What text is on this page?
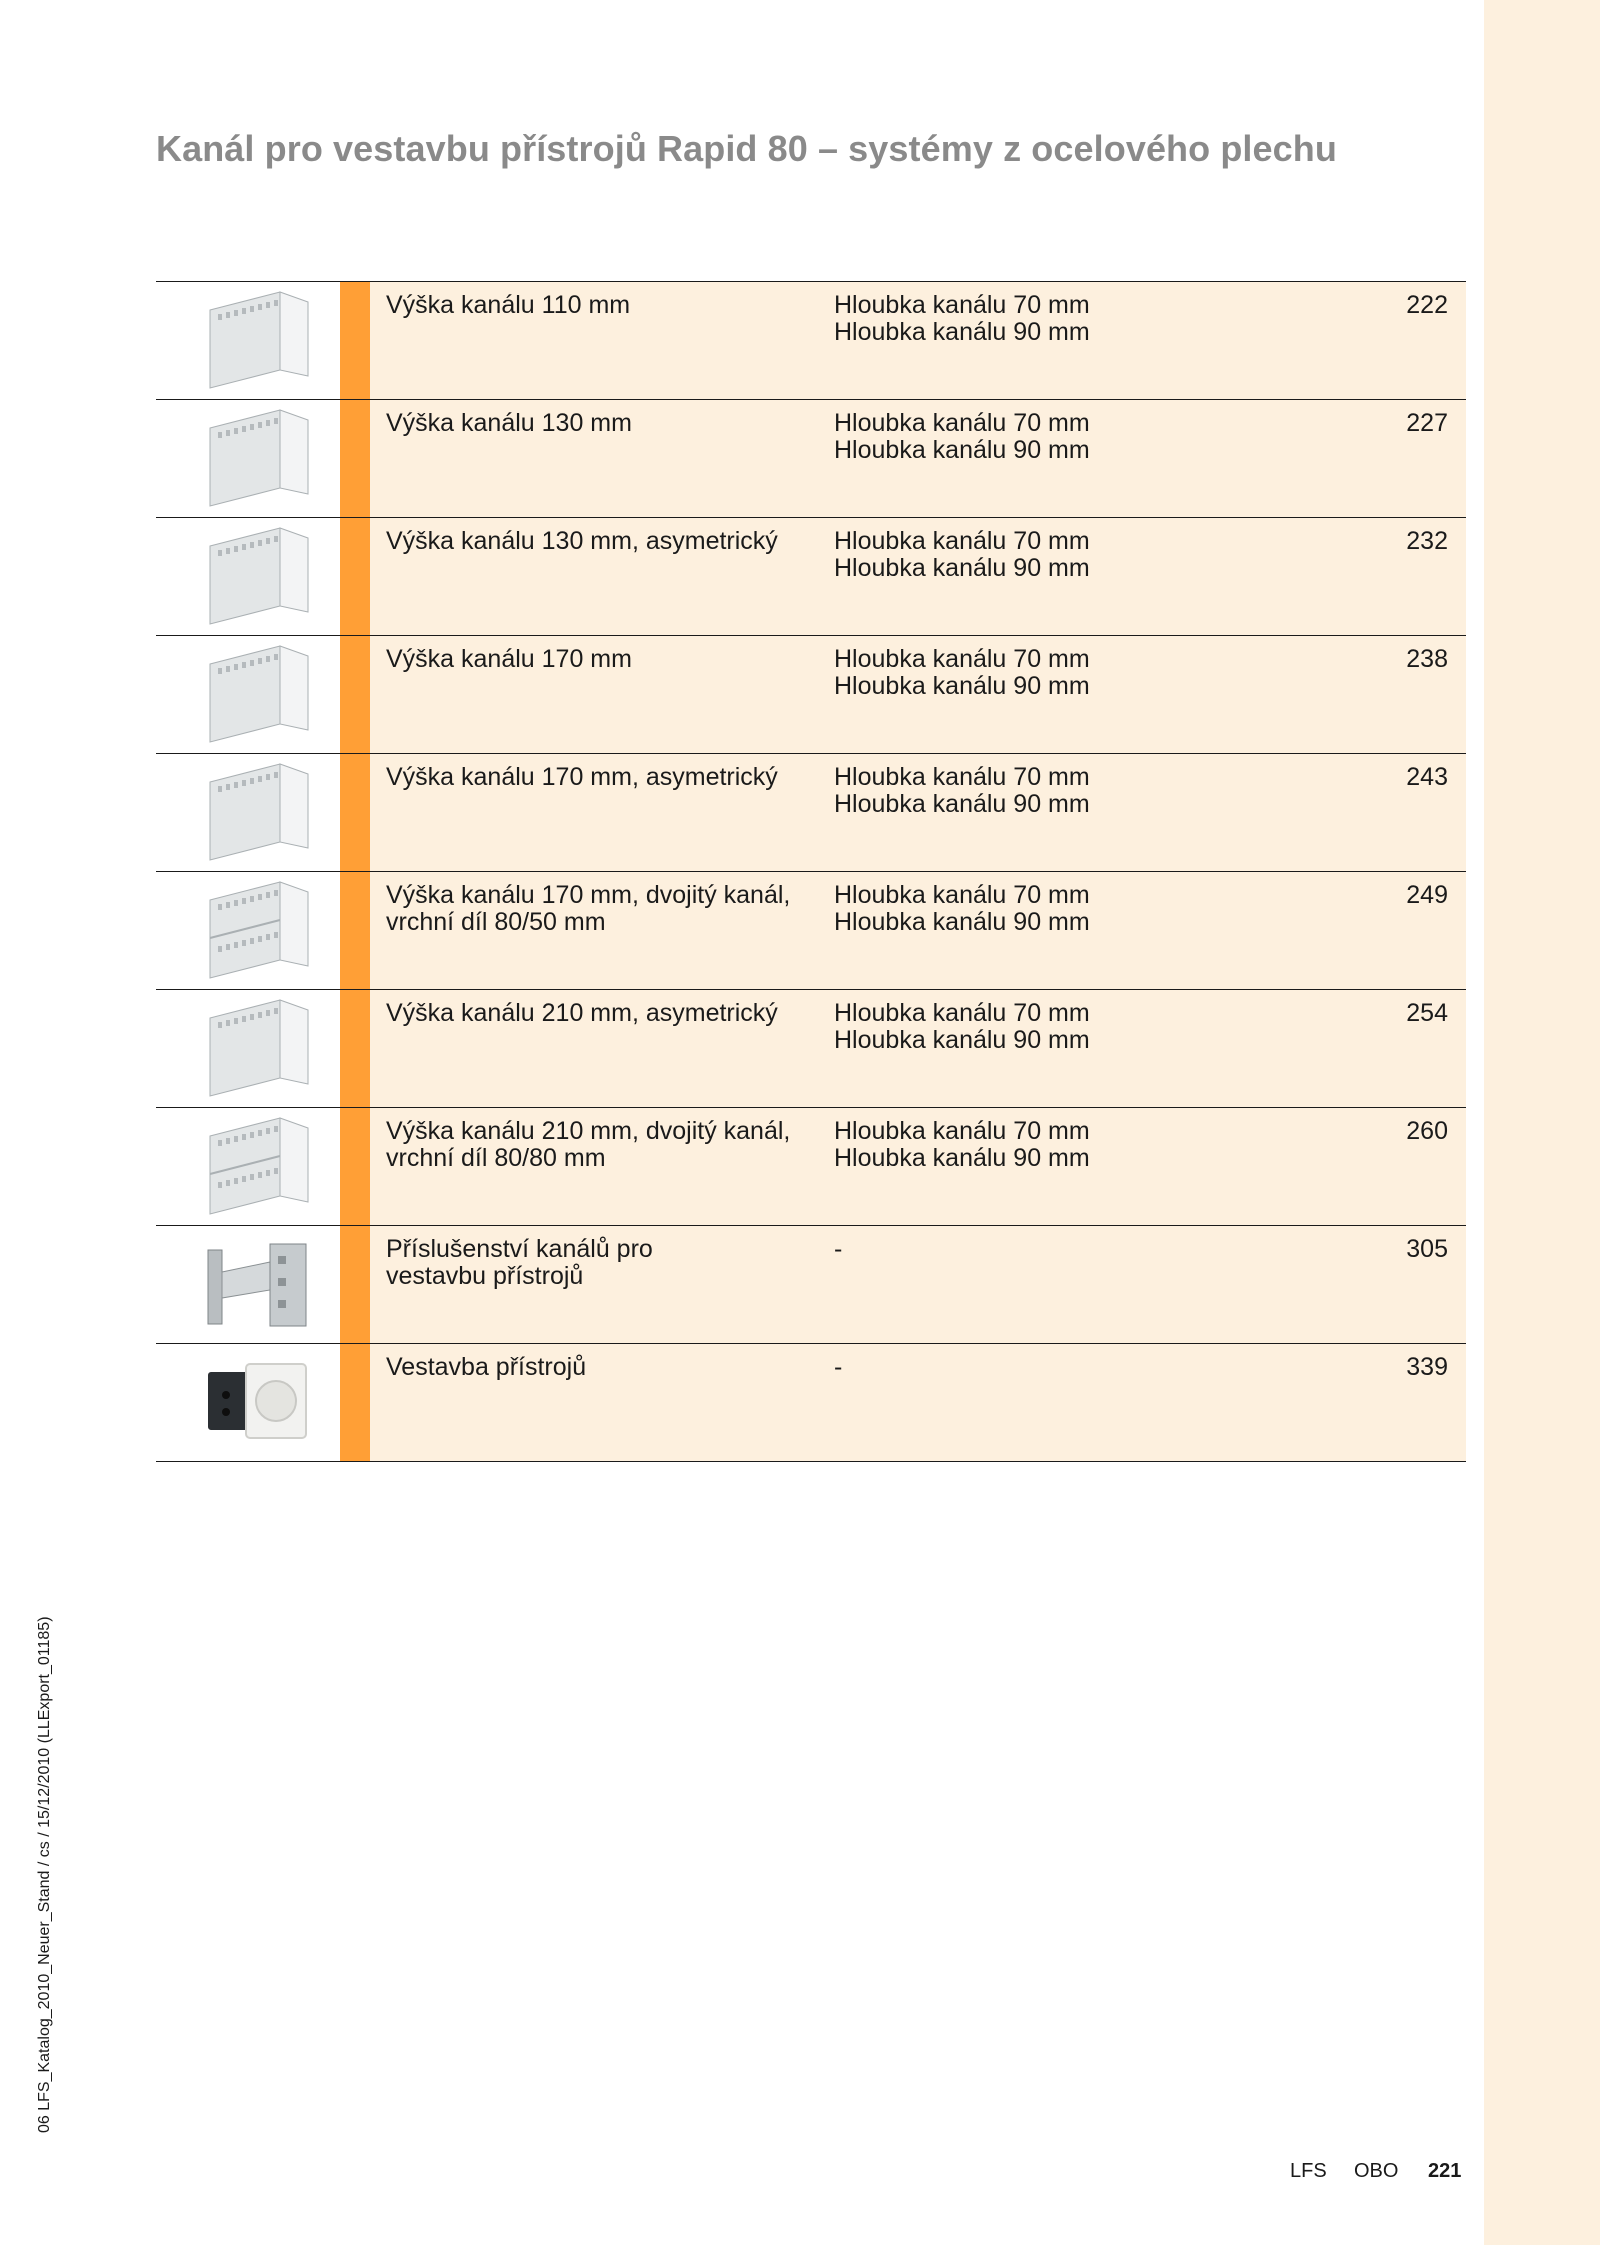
Kanál pro vestavbu přístrojů Rapid 80 – systémy z ocelového plechu
Výška kanálu 110 mm	Hloubka kanálu 70 mm
Hloubka kanálu 90 mm
222
Výška kanálu 130 mm	Hloubka kanálu 70 mm
Hloubka kanálu 90 mm
227
Výška kanálu 130 mm, asymetrický	Hloubka kanálu 70 mm
Hloubka kanálu 90 mm
232
Výška kanálu 170 mm	Hloubka kanálu 70 mm
Hloubka kanálu 90 mm
238
Výška kanálu 170 mm, asymetrický	Hloubka kanálu 70 mm
Hloubka kanálu 90 mm
243
Výška kanálu 170 mm, dvojitý kanál,
vrchní díl 80/50 mm
Hloubka kanálu 70 mm
Hloubka kanálu 90 mm
249
Výška kanálu 210 mm, asymetrický	Hloubka kanálu 70 mm
Hloubka kanálu 90 mm
254
Výška kanálu 210 mm, dvojitý kanál,
vrchní díl 80/80 mm
Hloubka kanálu 70 mm
Hloubka kanálu 90 mm
260
Příslušenství kanálů pro
vestavbu přístrojů
-	305
Vestavba přístrojů	-	339
06 LFS_Katalog_2010_Neuer_Stand / cs / 15/12/2010 (LLExport_01185)
LFS OBO 221
